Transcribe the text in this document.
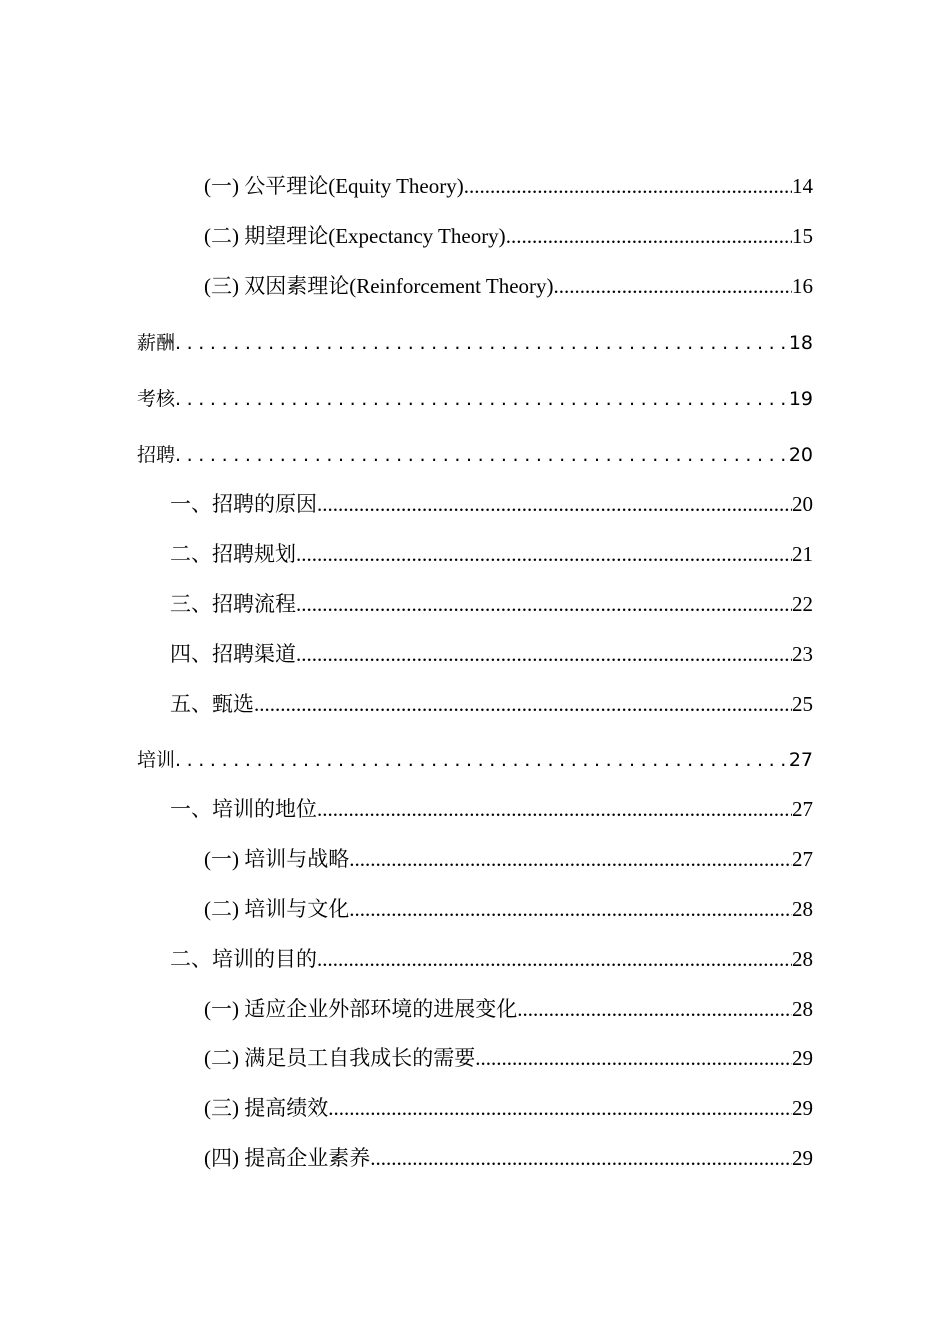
(一) 公平理论(Equity Theory) .....	14
(二) 期望理论(Expectancy Theory) .....	15
(三) 双因素理论(Reinforcement Theory) .....	16
薪酬 .....	18
考核 .....	19
招聘 .....	20
一、招聘的原因 .....	20
二、招聘规划 .....	21
三、招聘流程 .....	22
四、招聘渠道 .....	23
五、甄选 .....	25
培训 .....	27
一、培训的地位 .....	27
(一) 培训与战略 .....	27
(二) 培训与文化 .....	28
二、培训的目的 .....	28
(一) 适应企业外部环境的进展变化 .....	28
(二) 满足员工自我成长的需要 .....	29
(三) 提高绩效 .....	29
(四) 提高企业素养 .....	29
